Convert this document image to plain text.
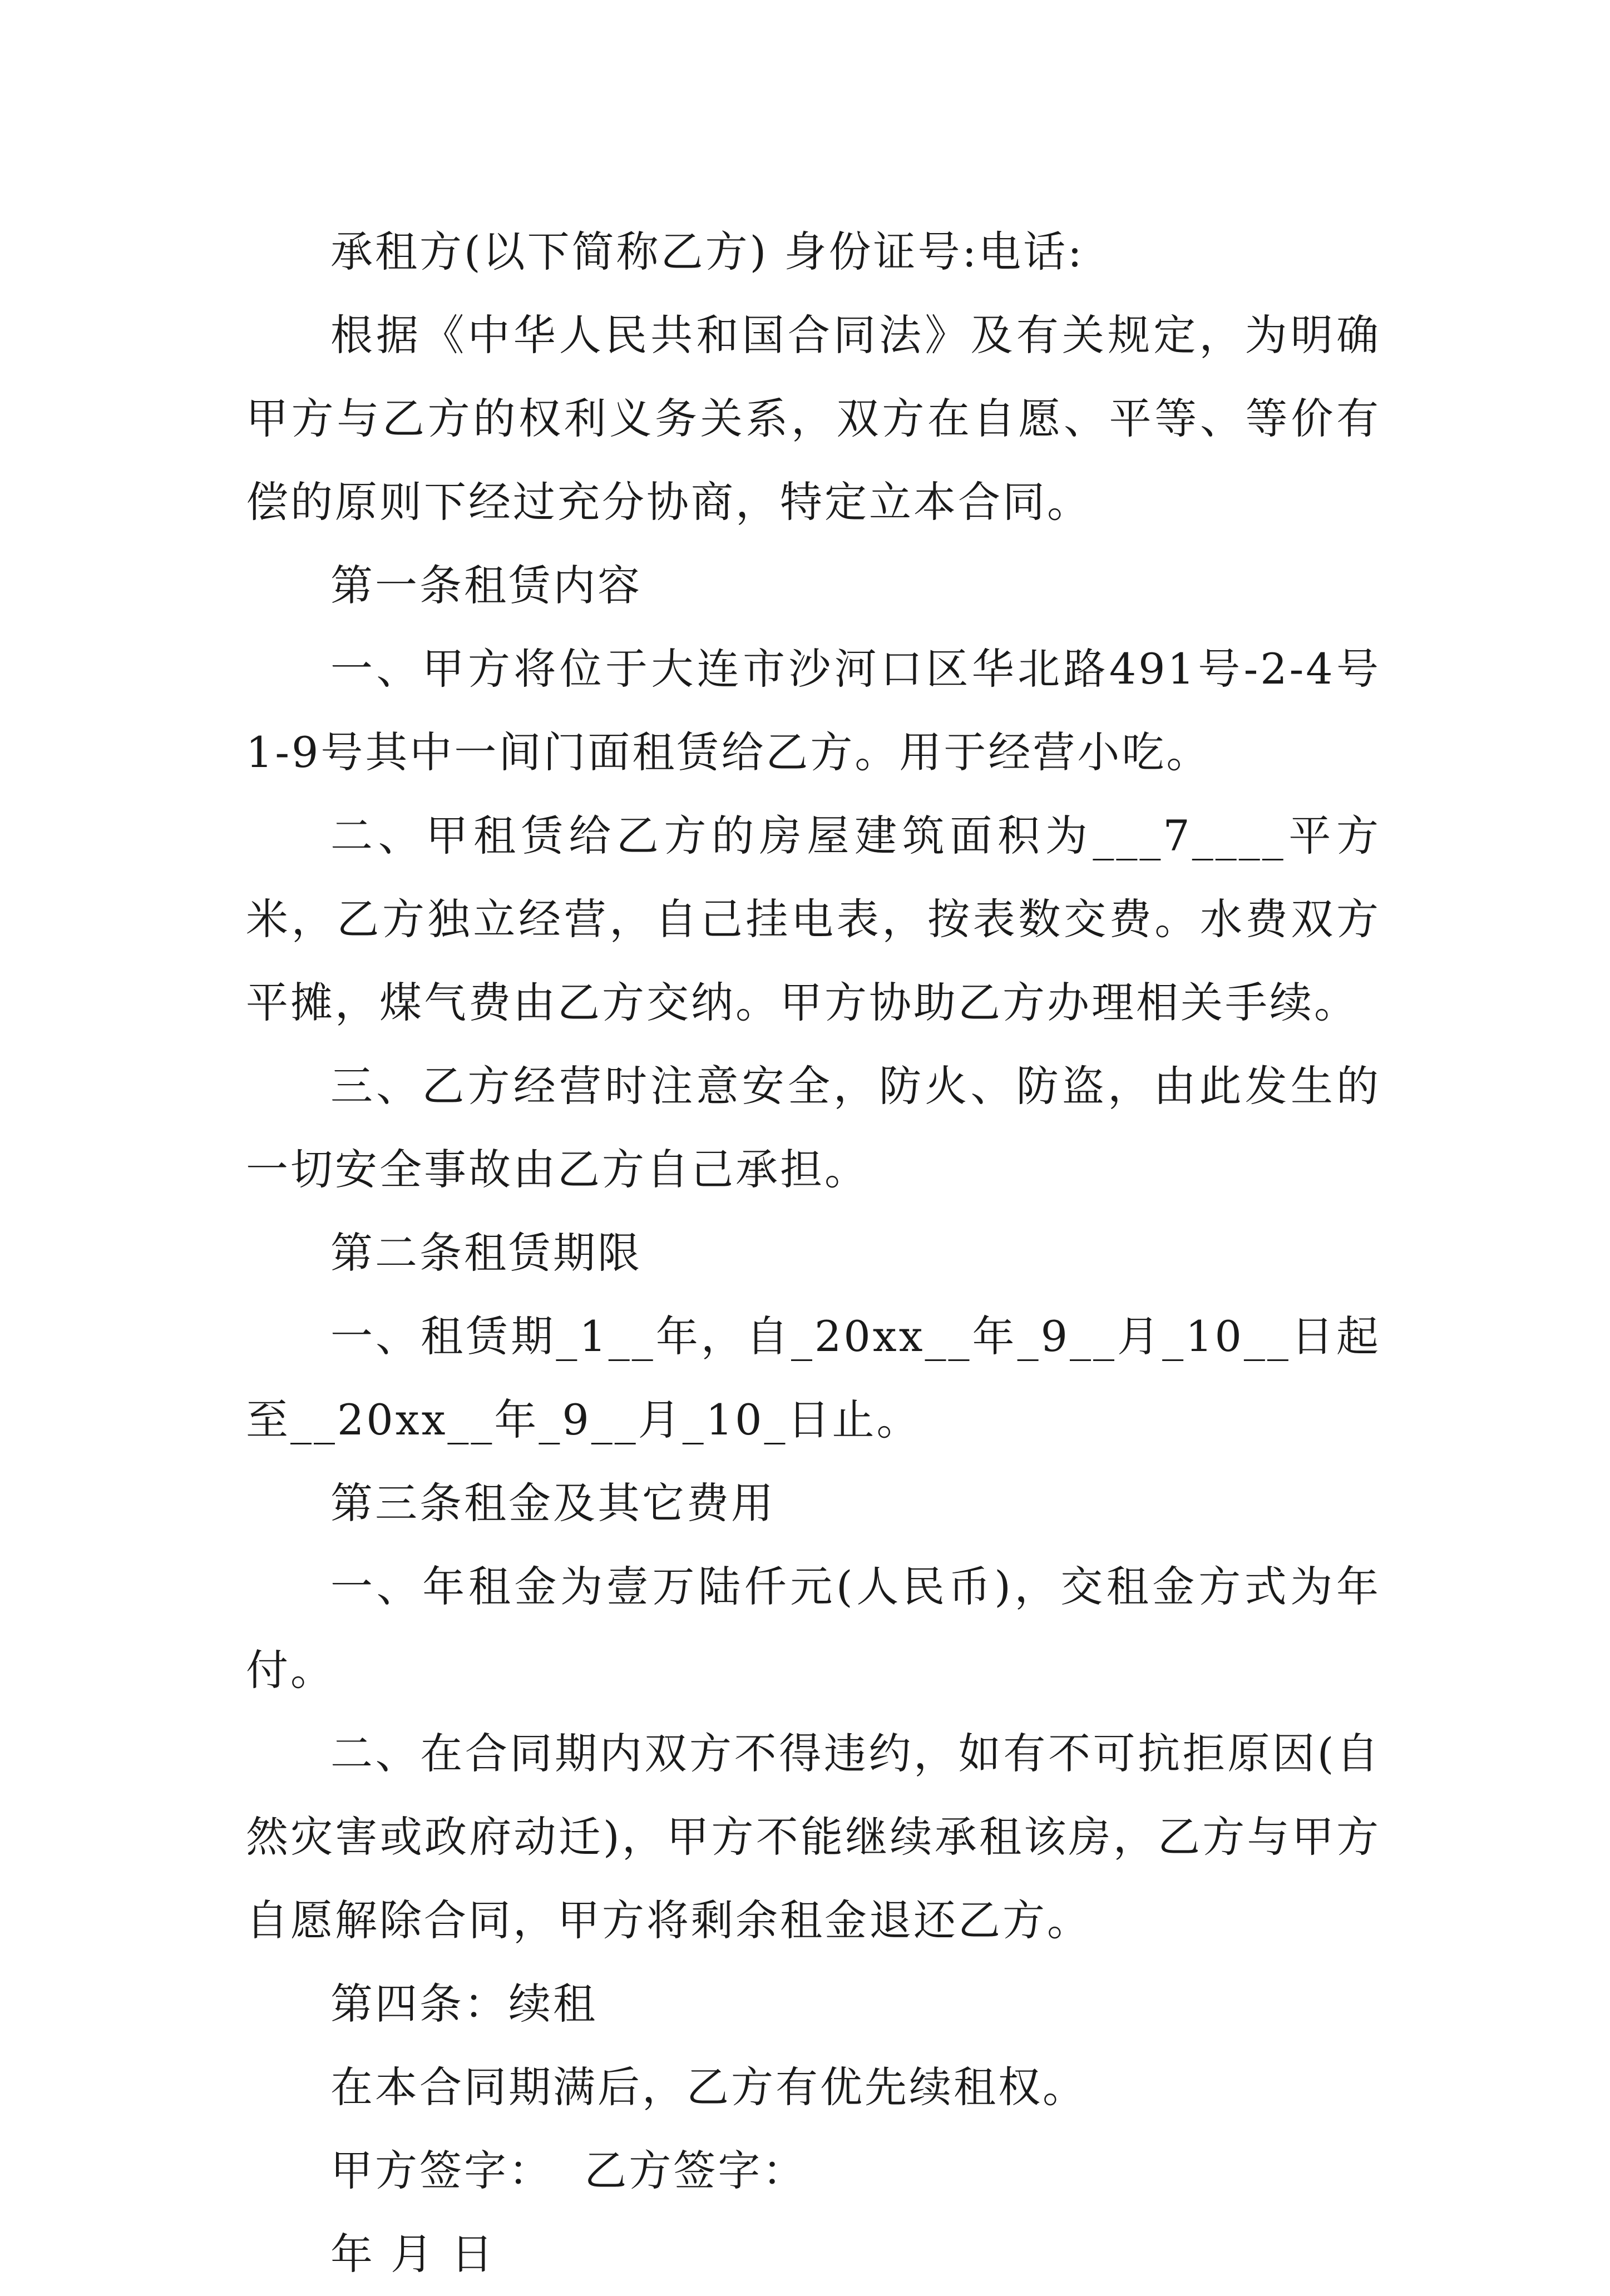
承租方(以下简称乙方) 身份证号:电话:

根据《中华人民共和国合同法》及有关规定，为明确甲方与乙方的权利义务关系，双方在自愿、平等、等价有偿的原则下经过充分协商，特定立本合同。

第一条租赁内容

一、甲方将位于大连市沙河口区华北路491号-2-4号1-9号其中一间门面租赁给乙方。用于经营小吃。

二、甲租赁给乙方的房屋建筑面积为___7____平方米，乙方独立经营，自己挂电表，按表数交费。水费双方平摊，煤气费由乙方交纳。甲方协助乙方办理相关手续。

三、乙方经营时注意安全，防火、防盗，由此发生的一切安全事故由乙方自己承担。

第二条租赁期限

一、租赁期_1__年，自_20xx__年_9__月_10__日起至__20xx__年_9__月_10_日止。

第三条租金及其它费用

一、年租金为壹万陆仟元(人民币)，交租金方式为年付。

二、在合同期内双方不得违约，如有不可抗拒原因(自然灾害或政府动迁)，甲方不能继续承租该房，乙方与甲方自愿解除合同，甲方将剩余租金退还乙方。

第四条：续租

在本合同期满后，乙方有优先续租权。

甲方签字：  乙方签字：

年 月 日
